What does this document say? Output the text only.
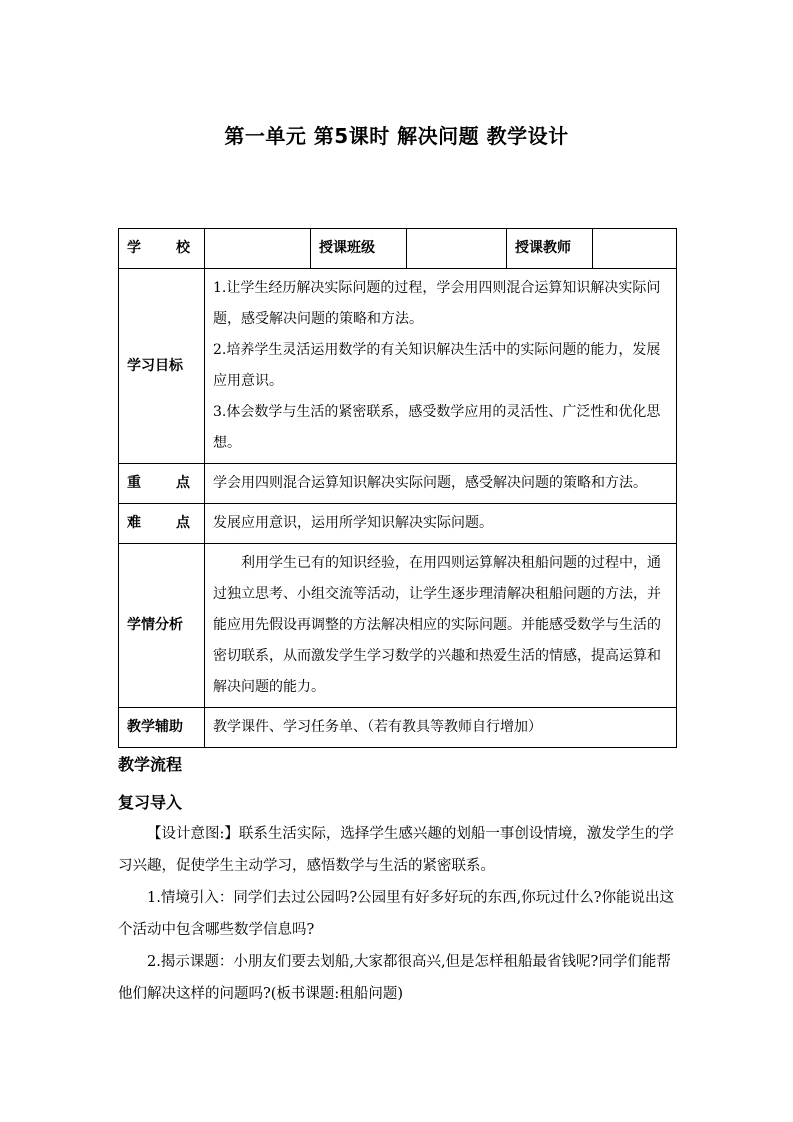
第一单元 第5课时 解决问题 教学设计
学 校		授课班级		授课教师	
学习目标	1.让学生经历解决实际问题的过程，学会用四则混合运算知识解决实际问题，感受解决问题的策略和方法。
2.培养学生灵活运用数学的有关知识解决生活中的实际问题的能力，发展应用意识。
3.体会数学与生活的紧密联系，感受数学应用的灵活性、广泛性和优化思想。				

重 点	学会用四则混合运算知识解决实际问题，感受解决问题的策略和方法。				

难 点	发展应用意识，运用所学知识解决实际问题。				
学情分析	利用学生已有的知识经验，在用四则运算解决租船问题的过程中，通过独立思考、小组交流等活动，让学生逐步理清解决租船问题的方法，并能应用先假设再调整的方法解决相应的实际问题。并能感受数学与生活的密切联系，从而激发学生学习数学的兴趣和热爱生活的情感，提高运算和解决问题的能力。				
教学辅助	教学课件、学习任务单、（若有教具等教师自行增加）				
教学流程
复习导入

【设计意图:】联系生活实际，选择学生感兴趣的划船一事创设情境，激发学生的学习兴趣，促使学生主动学习，感悟数学与生活的紧密联系。

1.情境引入：同学们去过公园吗?公园里有好多好玩的东西,你玩过什么?你能说出这个活动中包含哪些数学信息吗?

2.揭示课题：小朋友们要去划船,大家都很高兴,但是怎样租船最省钱呢?同学们能帮他们解决这样的问题吗?(板书课题:租船问题)
